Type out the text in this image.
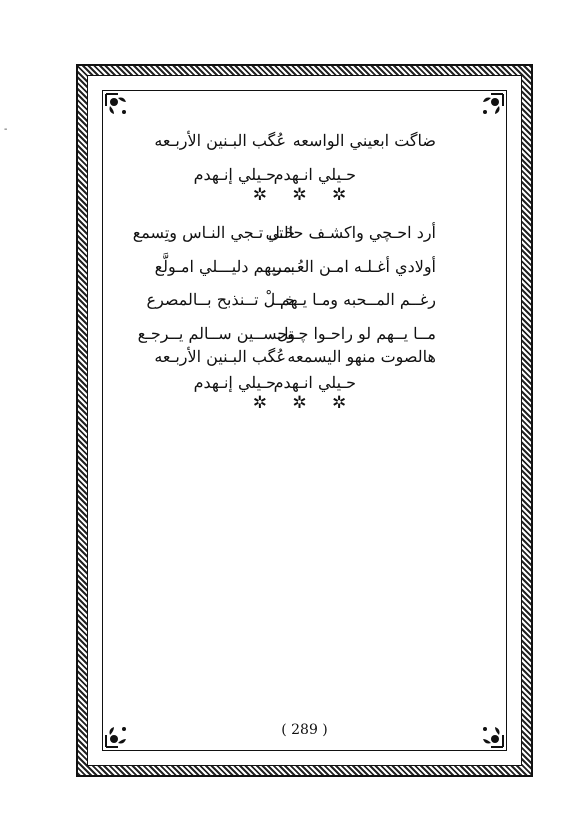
-
ضاگت ابعيني الواسعه
عُگب البـنين الأربـعه
حـيلي انـهدم
حـيلي إنـهدم
✲ ✲ ✲
أرد احـچي واكشـف حالتي
خَـل تـجي النـاس وتِسمع
أولادي أغـلـه امـن العُـمر
بـــيهم دليـــلي امـولَّع
رغــم المــحبه ومـا يـهم
خــلْ تــنذبح بــالمصرع
مــا يــهم لو راحـوا چـتل
وحســين ســالم يــرجـع
هالصوت منهو اليسمعه
عُگب البـنين الأربـعه
حـيلي انـهدم
حـيلي إنـهدم
✲ ✲ ✲
( 289 )
